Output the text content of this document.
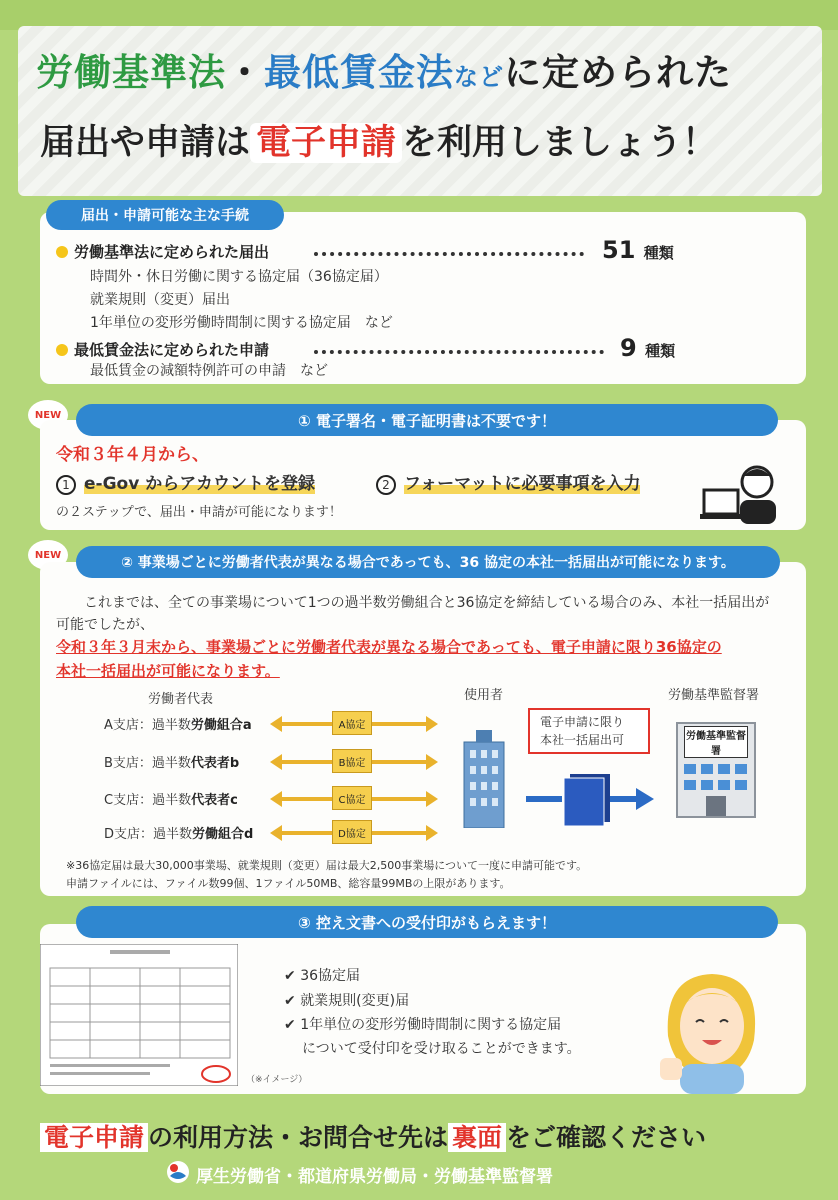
労働基準法・最低賃金法などに定められた
届出や申請は 電子申請 を利用しましょう！
届出・申請可能な主な手続
労働基準法に定められた届出	51 種類
時間外・休日労働に関する協定届（36協定届）
就業規則（変更）届出
1年単位の変形労働時間制に関する協定届　など
最低賃金法に定められた申請	9 種類
最低賃金の減額特例許可の申請　など
NEW	① 電子署名・電子証明書は不要です！
令和３年４月から、
1 e-Gov からアカウントを登録	2 フォーマットに必要事項を入力
の２ステップで、届出・申請が可能になります！
NEW	② 事業場ごとに労働者代表が異なる場合であっても、36 協定の本社一括届出が可能になります。
これまでは、全ての事業場について1つの過半数労働組合と36協定を締結している場合のみ、本社一括届出が
可能でしたが、
令和３年３月末から、事業場ごとに労働者代表が異なる場合であっても、電子申請に限り36協定の
本社一括届出が可能になります。
労働者代表	使用者	労働基準監督署
A支店：過半数労働組合a
B支店：過半数代表者b
C支店：過半数代表者c
D支店：過半数労働組合d
A協定
B協定
C協定
D協定
電子申請に限り
本社一括届出可	労働基準監督署
※36協定届は最大30,000事業場、就業規則（変更）届は最大2,500事業場について一度に申請可能です。
申請ファイルには、ファイル数99個、1ファイル50MB、総容量99MBの上限があります。
③ 控え文書への受付印がもらえます！
（※イメージ）
✔ 36協定届
✔ 就業規則(変更)届
✔ 1年単位の変形労働時間制に関する協定届
について受付印を受け取ることができます。
電子申請 の利用方法・お問合せ先は 裏面 をご確認ください
厚生労働省・都道府県労働局・労働基準監督署
